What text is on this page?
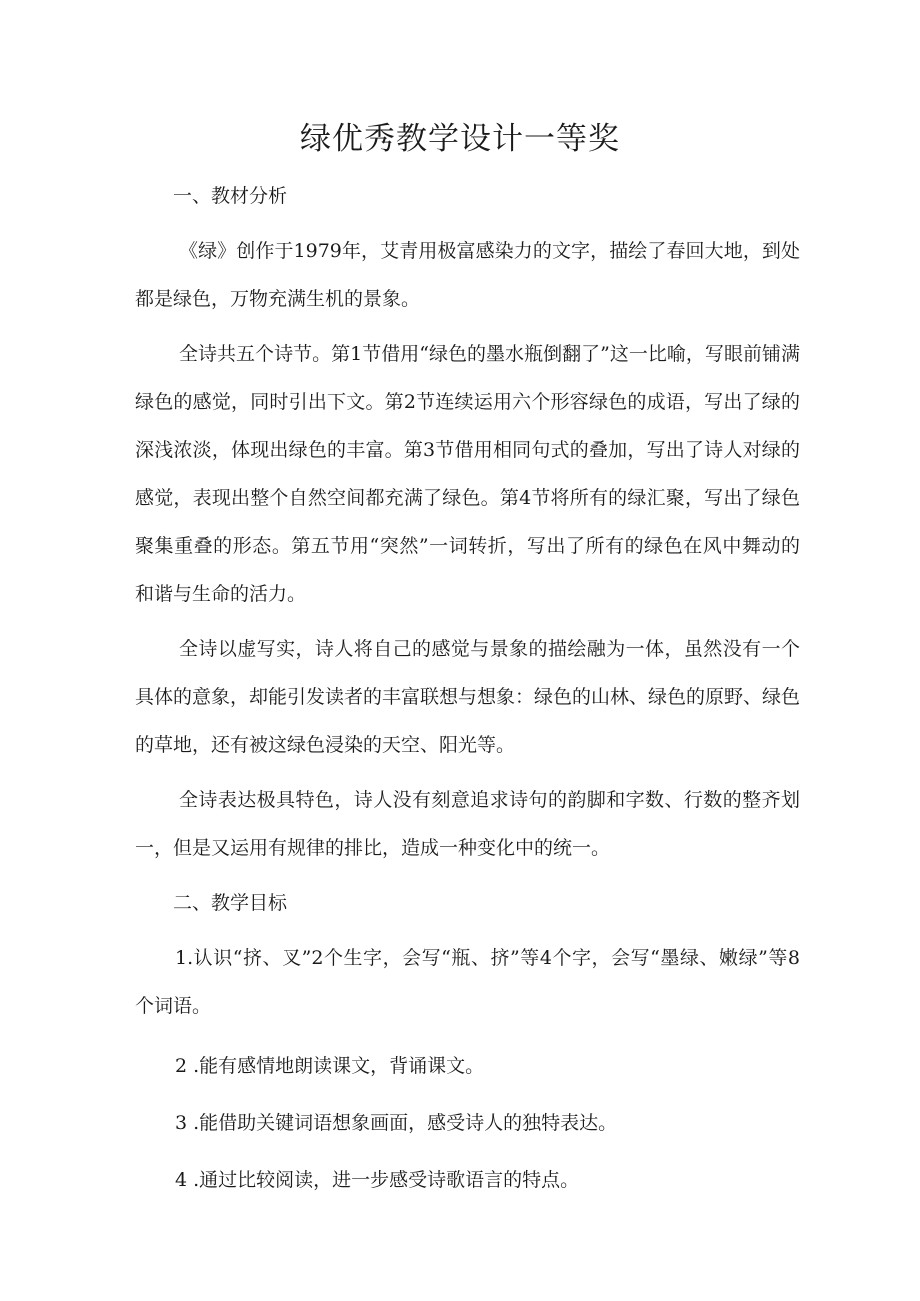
绿优秀教学设计一等奖

一、教材分析

《绿》创作于1979年，艾青用极富感染力的文字，描绘了春回大地，到处都是绿色，万物充满生机的景象。

全诗共五个诗节。第1节借用“绿色的墨水瓶倒翻了”这一比喻，写眼前铺满绿色的感觉，同时引出下文。第2节连续运用六个形容绿色的成语，写出了绿的深浅浓淡，体现出绿色的丰富。第3节借用相同句式的叠加，写出了诗人对绿的感觉，表现出整个自然空间都充满了绿色。第4节将所有的绿汇聚，写出了绿色聚集重叠的形态。第五节用“突然”一词转折，写出了所有的绿色在风中舞动的和谐与生命的活力。

全诗以虚写实，诗人将自己的感觉与景象的描绘融为一体，虽然没有一个具体的意象，却能引发读者的丰富联想与想象：绿色的山林、绿色的原野、绿色的草地，还有被这绿色浸染的天空、阳光等。

全诗表达极具特色，诗人没有刻意追求诗句的韵脚和字数、行数的整齐划一，但是又运用有规律的排比，造成一种变化中的统一。

二、教学目标

1.认识“挤、叉”2个生字，会写“瓶、挤”等4个字，会写“墨绿、嫩绿”等8个词语。

2 .能有感情地朗读课文，背诵课文。

3 .能借助关键词语想象画面，感受诗人的独特表达。

4 .通过比较阅读，进一步感受诗歌语言的特点。
